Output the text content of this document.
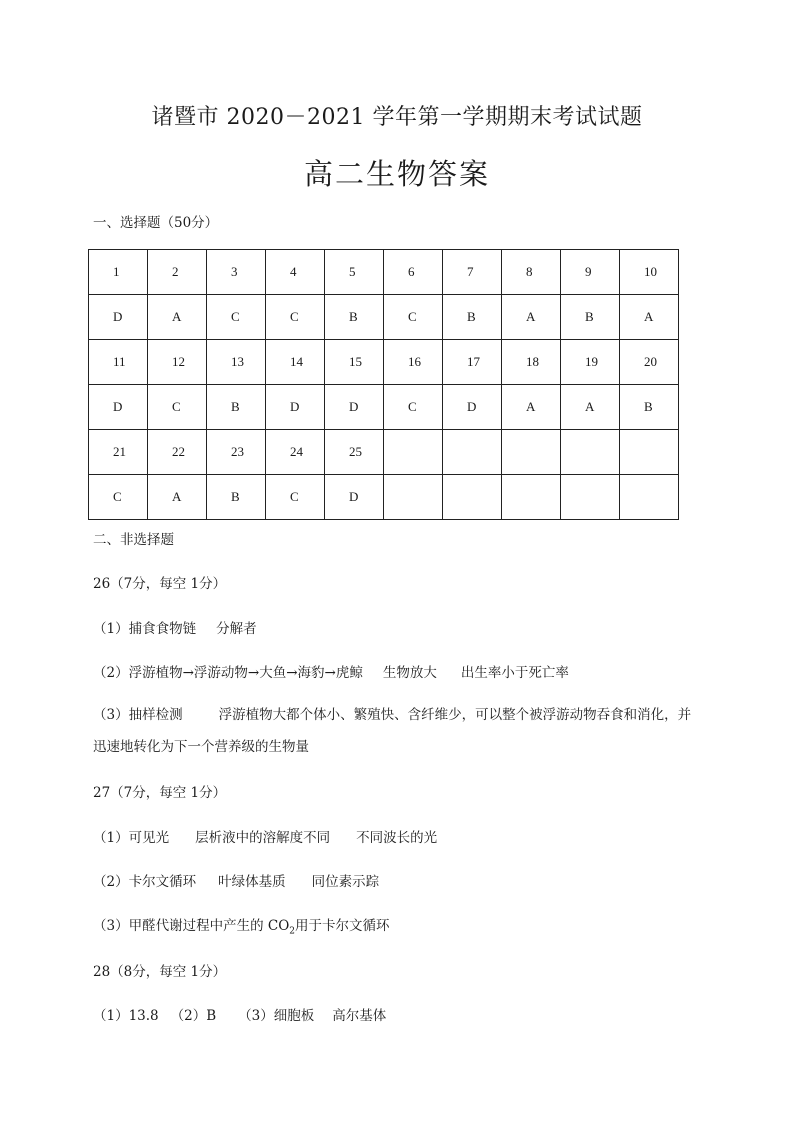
诸暨市 2020－2021 学年第一学期期末考试试题
高二生物答案
一、选择题（50分）
1	2	3	4	5	6	7	8	9	10
D	A	C	C	B	C	B	A	B	A
11	12	13	14	15	16	17	18	19	20
D	C	B	D	D	C	D	A	A	B
21	22	23	24	25					
C	A	B	C	D					
二、非选择题
26（7分，每空 1分）
（1）捕食食物链 分解者
（2）浮游植物→浮游动物→大鱼→海豹→虎鲸 生物放大 出生率小于死亡率
（3）抽样检测	浮游植物大都个体小、繁殖快、含纤维少，可以整个被浮游动物吞食和消化，并迅速地转化为下一个营养级的生物量
27（7分，每空 1分）
（1）可见光 层析液中的溶解度不同 不同波长的光
（2）卡尔文循环 叶绿体基质 同位素示踪
（3）甲醛代谢过程中产生的 $CO_2$用于卡尔文循环
28（8分，每空 1分）
（1）13.8 （2）B （3）细胞板 高尔基体
